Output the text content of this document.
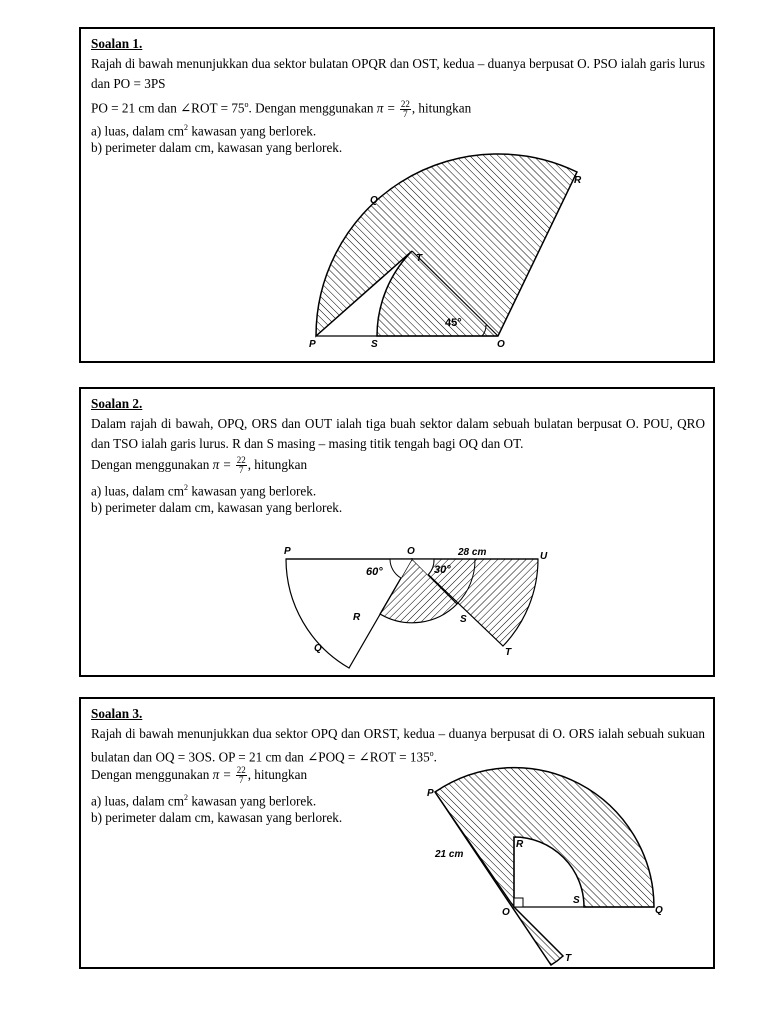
Soalan 1.
Rajah di bawah menunjukkan dua sektor bulatan OPQR dan OST, kedua – duanya berpusat O. PSO ialah garis lurus dan PO = 3PS
PO = 21 cm dan ∠ROT = $75^o$. Dengan menggunakan $\pi = \frac{22}{7}$ , hitungkan
a) luas, dalam $cm^2$ kawasan yang berlorek.
b) perimeter dalam cm, kawasan yang berlorek.
P	S	O
Q
R
T
45°
Soalan 2.
Dalam rajah di bawah, OPQ, ORS dan OUT ialah tiga buah sektor dalam sebuah bulatan berpusat O. POU, QRO dan TSO ialah garis lurus. R dan S masing – masing titik tengah bagi OQ dan OT.
Dengan menggunakan $\pi = \frac{22}{7}$ , hitungkan
a) luas, dalam $cm^2$ kawasan yang berlorek.
b) perimeter dalam cm, kawasan yang berlorek.
P	O	U
Q
R	S
T
28 cm
60°	30°
Soalan 3.
Rajah di bawah menunjukkan dua sektor OPQ dan ORST, kedua – duanya berpusat di O. ORS ialah sebuah sukuan bulatan dan OQ = 3OS. OP = 21 cm dan ∠POQ = ∠ROT = $135^o$.
Dengan menggunakan $\pi = \frac{22}{7}$ , hitungkan
a) luas, dalam $cm^2$ kawasan yang berlorek.
b) perimeter dalam cm, kawasan yang berlorek.
P
R
O
S
Q
T
21 cm
